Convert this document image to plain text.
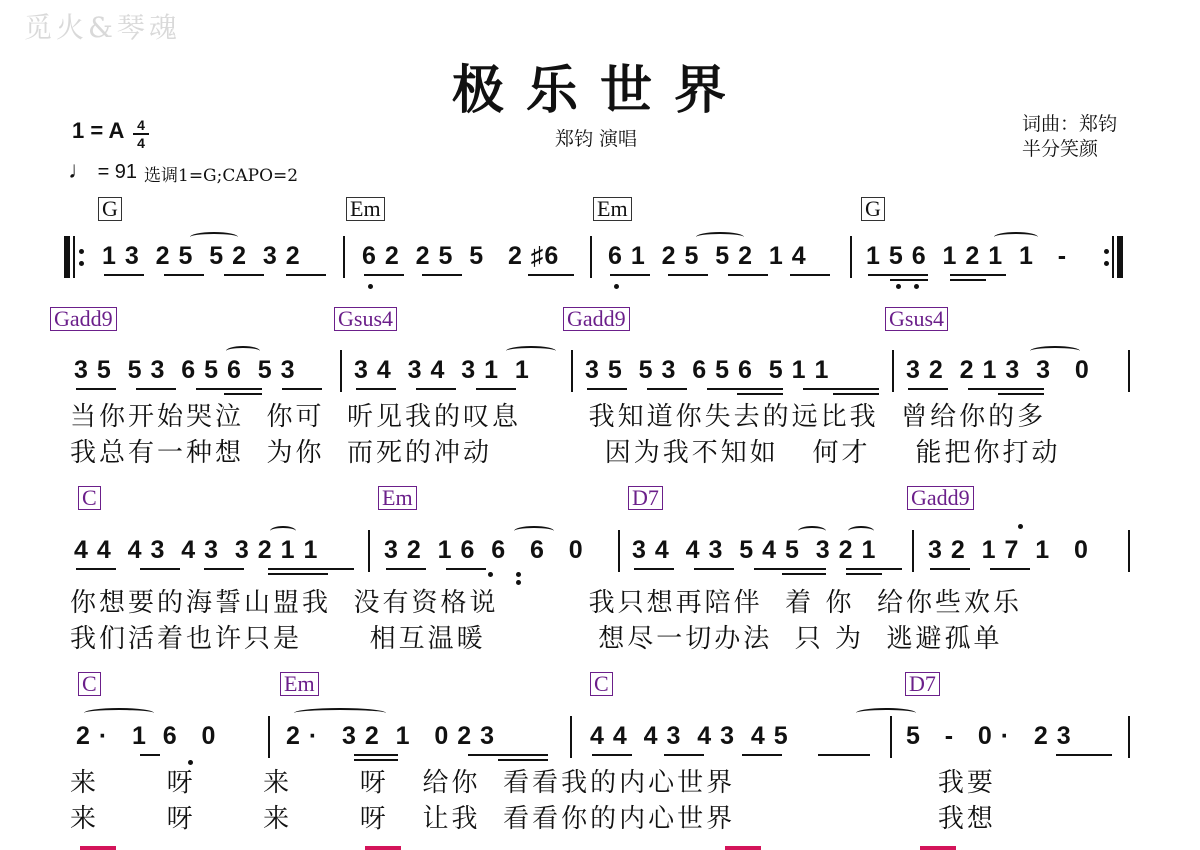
觅火&琴魂
极乐世界
1 = A 4
4
♩ = 91 选调1=G;CAPO=2
郑钧 演唱
词曲：郑钧
半分笑颜
G	Em	Em	G
1 3  2 5  5 2  3 2 6 2  2 5  5   2 ♯6 6 1  2 5  5 2  1 4 1 5 6  1 2 1  1   -
Gadd9	Gsus4	Gadd9	Gsus4
3 5  5 3  6 5 6  5 3 3 4  3 4  3 1  1 3 5  5 3  6 5 6  5 1 1	3 2  2 1 3  3   0
当你开始哭泣  你可  听见我的叹息      我知道你失去的远比我  曾给你的多
我总有一种想  为你  而死的冲动          因为我不知如   何才    能把你打动
C	Em	D7	Gadd9
4 4  4 3  4 3  3 2 1 1	3 2  1 6  6   6   0 3 4  4 3  5 4 5  3 2 1 3 2  1 7  1   0
你想要的海誓山盟我  没有资格说        我只想再陪伴  着 你  给你些欢乐
我们活着也许只是      相互温暖          想尽一切办法  只 为  逃避孤单
C	Em	C	D7
2 ·   1  6   0	2 ·   3 2  1   0 2 3	4 4  4 3  4 3  4 5	5   -   0 ·   2 3
来      呀      来      呀   给你  看看我的内心世界                  我要
来      呀      来      呀   让我  看看你的内心世界                  我想
